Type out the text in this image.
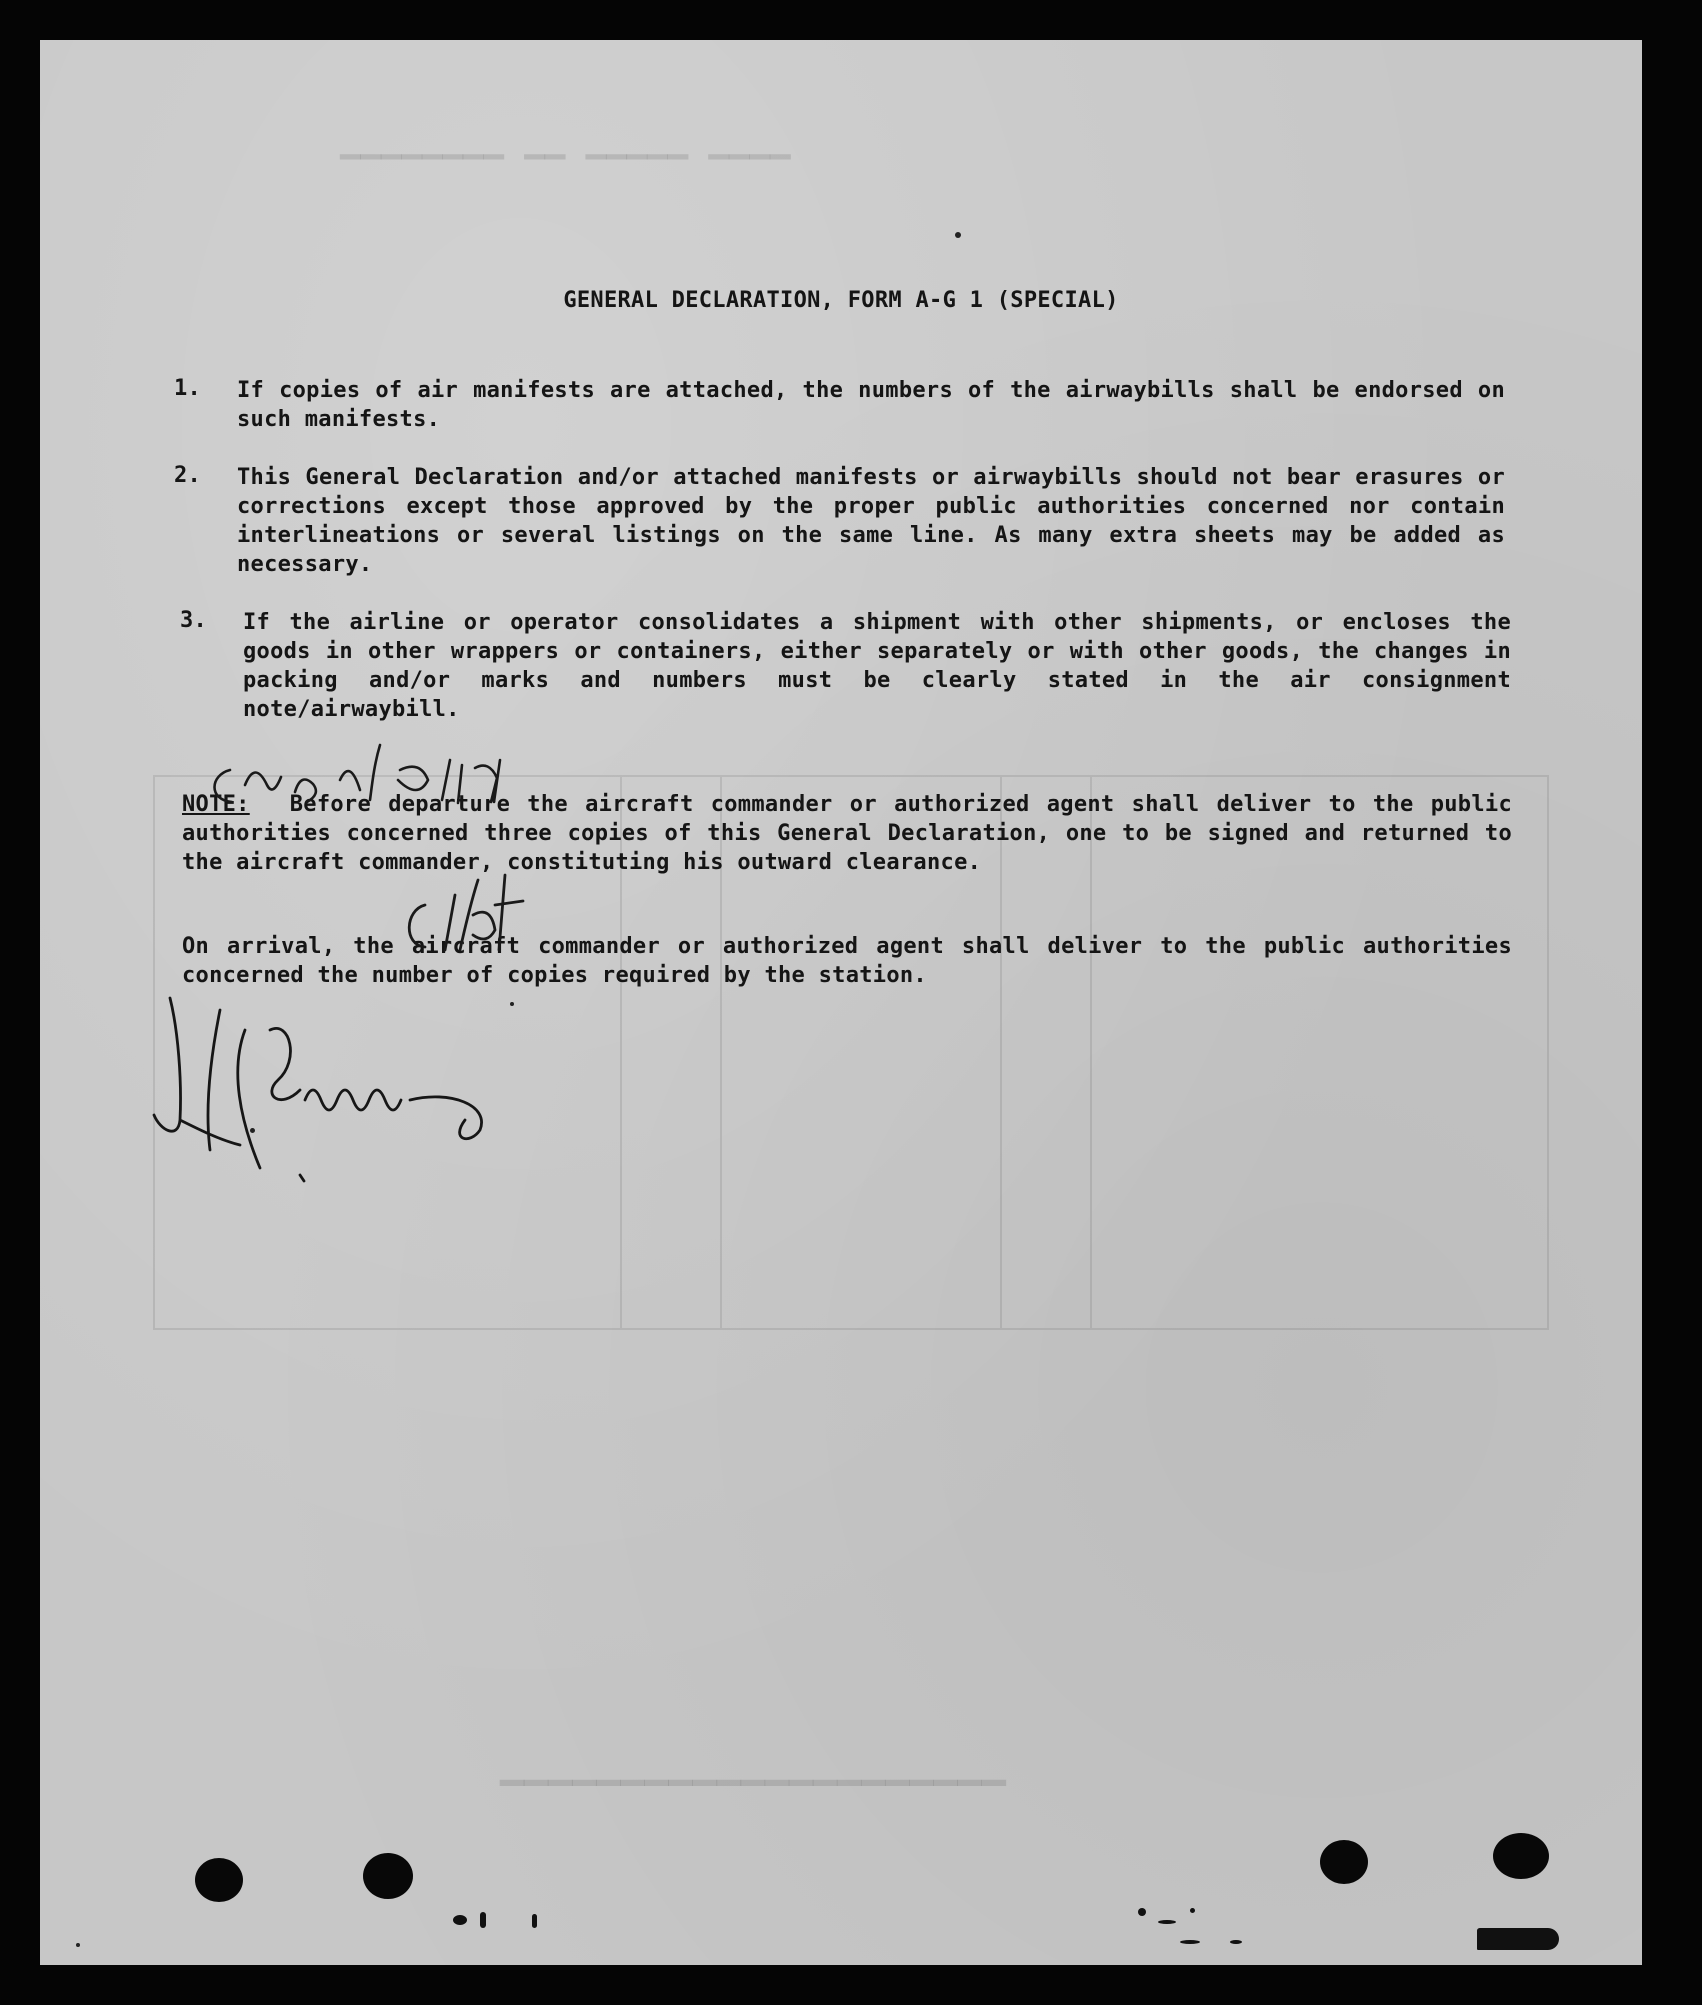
▁▁▁▁ ▁▁▁▁▁ ▁▁ ▁▁▁▁▁▁▁▁
▁▁▁▁▁▁▁▁▁▁▁▁▁▁▁▁▁▁▁▁▁
GENERAL DECLARATION, FORM A-G 1 (SPECIAL)
1.	If copies of air manifests are attached, the numbers of the airwaybills shall be endorsed on such manifests.
2.	This General Declaration and/or attached manifests or airwaybills should not bear erasures or corrections except those approved by the proper public authorities concerned nor contain interlineations or several listings on the same line. As many extra sheets may be added as necessary.
3.	If the airline or operator consolidates a shipment with other shipments, or encloses the goods in other wrappers or containers, either separately or with other goods, the changes in packing and/or marks and numbers must be clearly stated in the air consignment note/airwaybill.
NOTE: Before departure the aircraft commander or authorized agent shall deliver to the public authorities concerned three copies of this General Declaration, one to be signed and returned to the aircraft commander, constituting his outward clearance.
On arrival, the aircraft commander or authorized agent shall deliver to the public authorities concerned the number of copies required by the station.
